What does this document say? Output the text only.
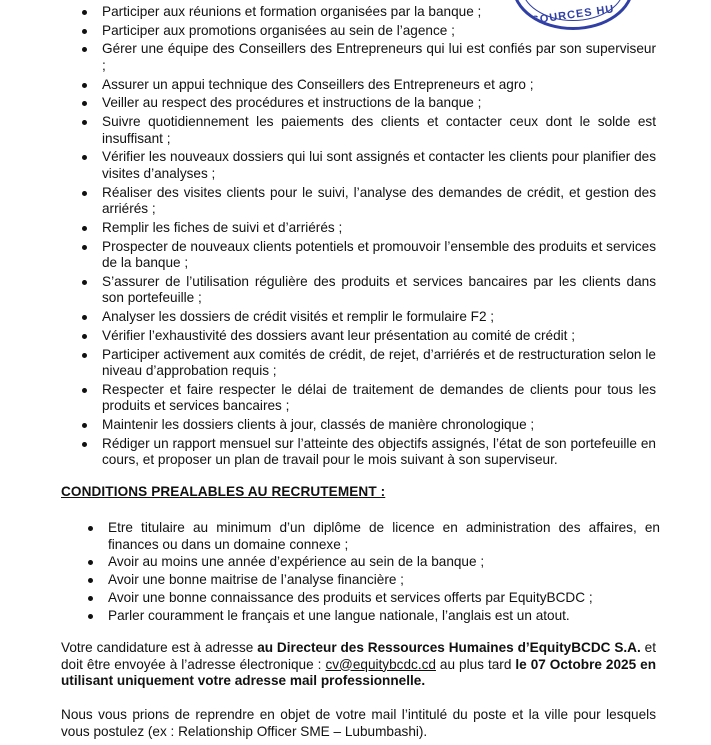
SOURCES HU
Participer aux réunions et formation organisées par la banque ;
Participer aux promotions organisées au sein de l’agence ;
Gérer une équipe des Conseillers des Entrepreneurs qui lui est confiés par son superviseur ;
Assurer un appui technique des Conseillers des Entrepreneurs et agro ;
Veiller au respect des procédures et instructions de la banque ;
Suivre quotidiennement les paiements des clients et contacter ceux dont le solde est insuffisant ;
Vérifier les nouveaux dossiers qui lui sont assignés et contacter les clients pour planifier des visites d’analyses ;
Réaliser des visites clients pour le suivi, l’analyse des demandes de crédit, et gestion des arriérés ;
Remplir les fiches de suivi et d’arriérés ;
Prospecter de nouveaux clients potentiels et promouvoir l’ensemble des produits et services de la banque ;
S’assurer de l’utilisation régulière des produits et services bancaires par les clients dans son portefeuille ;
Analyser les dossiers de crédit visités et remplir le formulaire F2 ;
Vérifier l’exhaustivité des dossiers avant leur présentation au comité de crédit ;
Participer activement aux comités de crédit, de rejet, d’arriérés et de restructuration selon le niveau d’approbation requis ;
Respecter et faire respecter le délai de traitement de demandes de clients pour tous les produits et services bancaires ;
Maintenir les dossiers clients à jour, classés de manière chronologique ;
Rédiger un rapport mensuel sur l’atteinte des objectifs assignés, l’état de son portefeuille en cours, et proposer un plan de travail pour le mois suivant à son superviseur.
CONDITIONS PREALABLES AU RECRUTEMENT :
Etre titulaire au minimum d’un diplôme de licence en administration des affaires, en finances ou dans un domaine connexe ;
Avoir au moins une année d’expérience au sein de la banque ;
Avoir une bonne maitrise de l’analyse financière ;
Avoir une bonne connaissance des produits et services offerts par EquityBCDC ;
Parler couramment le français et une langue nationale, l’anglais est un atout.

Votre candidature est à adresse au Directeur des Ressources Humaines d’EquityBCDC S.A. et doit être envoyée à l’adresse électronique : cv@equitybcdc.cd au plus tard le 07 Octobre 2025 en utilisant uniquement votre adresse mail professionnelle.

Nous vous prions de reprendre en objet de votre mail l’intitulé du poste et la ville pour lesquels vous postulez (ex : Relationship Officer SME – Lubumbashi).
